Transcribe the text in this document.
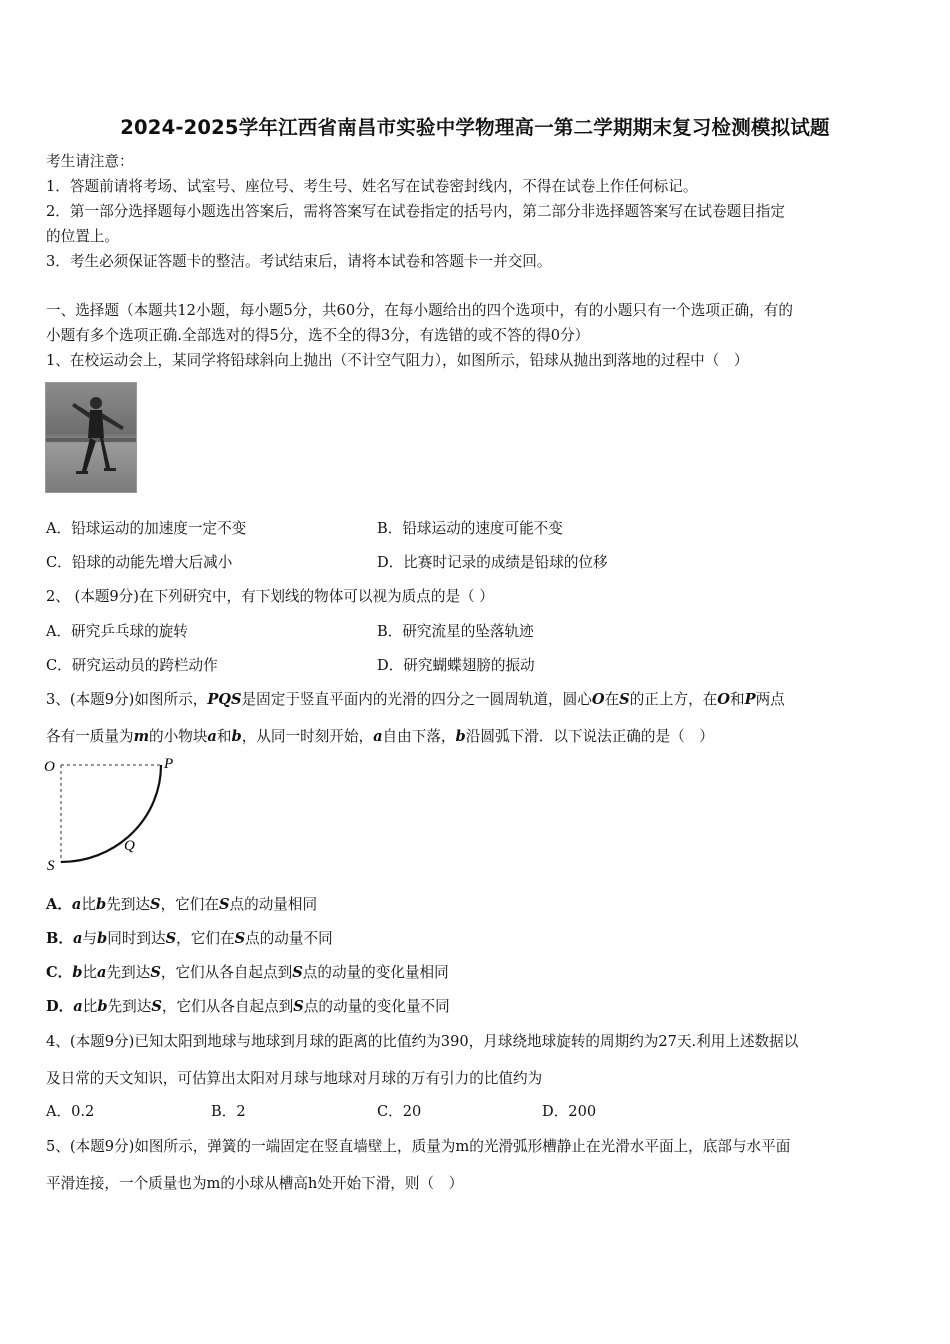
2024-2025学年江西省南昌市实验中学物理高一第二学期期末复习检测模拟试题
考生请注意：
1．答题前请将考场、试室号、座位号、考生号、姓名写在试卷密封线内，不得在试卷上作任何标记。
2．第一部分选择题每小题选出答案后，需将答案写在试卷指定的括号内，第二部分非选择题答案写在试卷题目指定
的位置上。
3．考生必须保证答题卡的整洁。考试结束后，请将本试卷和答题卡一并交回。
一、选择题（本题共12小题，每小题5分，共60分，在每小题给出的四个选项中，有的小题只有一个选项正确，有的
小题有多个选项正确.全部选对的得5分，选不全的得3分，有选错的或不答的得0分）
1、在校运动会上，某同学将铅球斜向上抛出（不计空气阻力），如图所示，铅球从抛出到落地的过程中（　）
A．铅球运动的加速度一定不变	B．铅球运动的速度可能不变
C．铅球的动能先增大后减小	D．比赛时记录的成绩是铅球的位移
2、 (本题9分)在下列研究中，有下划线的物体可以视为质点的是（ ）
A．研究乒乓球的旋转	B．研究流星的坠落轨迹
C．研究运动员的跨栏动作	D．研究蝴蝶翅膀的振动
3、(本题9分)如图所示，PQS是固定于竖直平面内的光滑的四分之一圆周轨道，圆心O在S的正上方，在O和P两点
各有一质量为m的小物块a和b，从同一时刻开始，a自由下落，b沿圆弧下滑．以下说法正确的是（　）
O	P
Q
S
A．a比b先到达S，它们在S点的动量相同
B．a与b同时到达S，它们在S点的动量不同
C．b比a先到达S，它们从各自起点到S点的动量的变化量相同
D．a比b先到达S，它们从各自起点到S点的动量的变化量不同
4、(本题9分)已知太阳到地球与地球到月球的距离的比值约为390，月球绕地球旋转的周期约为27天.利用上述数据以
及日常的天文知识，可估算出太阳对月球与地球对月球的万有引力的比值约为
A．0.2	B．2	C．20	D．200
5、(本题9分)如图所示，弹簧的一端固定在竖直墙壁上，质量为m的光滑弧形槽静止在光滑水平面上，底部与水平面
平滑连接，一个质量也为m的小球从槽高h处开始下滑，则（　）
